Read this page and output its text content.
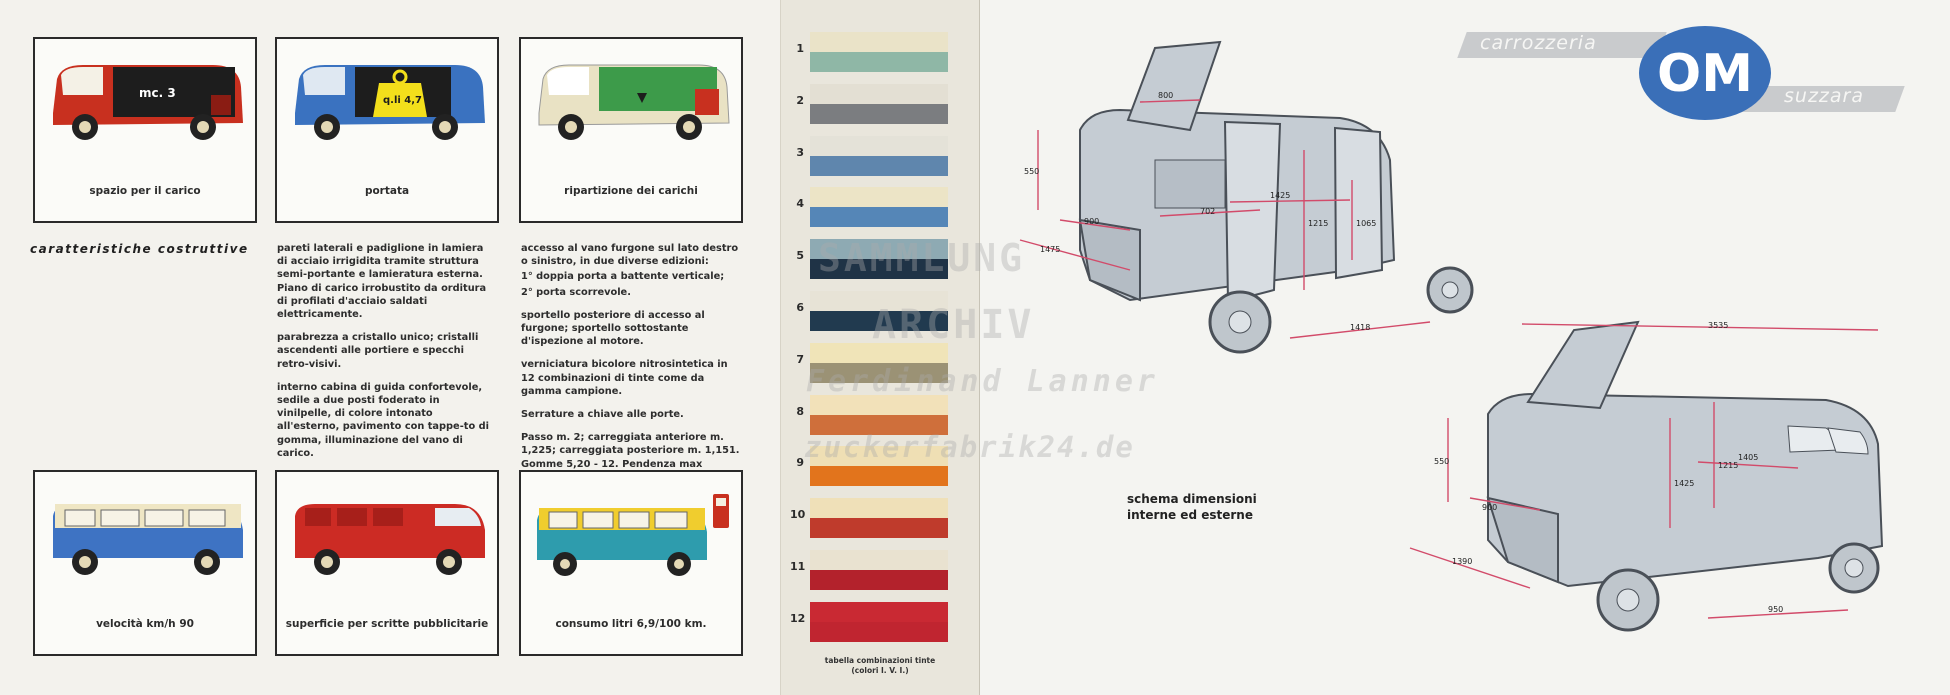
mc. 3
spazio per il carico
q.li 4,7
portata	ripartizione dei carichi
caratteristiche costruttive	pareti laterali e padiglione in lamiera di acciaio irrigidita tramite struttura semi-portante e lamieratura esterna. Piano di carico irrobustito da orditura di profilati d'acciaio saldati elettricamente.

parabrezza a cristallo unico; cristalli ascendenti alle portiere e specchi retro-visivi.

interno cabina di guida confortevole, sedile a due posti foderato in vinilpelle, di colore intonato all'esterno, pavimento con tappe-to di gomma, illuminazione del vano di carico.

accesso al vano furgone sul lato destro o sinistro, in due diverse edizioni:

1° doppia porta a battente verticale;

2° porta scorrevole.

sportello posteriore di accesso al furgone; sportello sottostante d'ispezione al motore.

verniciatura bicolore nitrosintetica in 12 combinazioni di tinte come da gamma campione.

Serrature a chiave alle porte.

Passo m. 2; carreggiata anteriore m. 1,225; carreggiata posteriore m. 1,151. Gomme 5,20 - 12. Pendenza max

velocità km/h 90	superficie per scritte pubblicitarie	consumo litri 6,9/100 km.
1
2
3
4
5
6
7
8
9
10
11
12
tabella combinazioni tinte
(colori I. V. I.)
carrozzeria
suzzara
OM
800
550
900
702
1425
1215	1065
1475
1418	3535
550
900
1405
1215
1425
1390
950
schema dimensioni
interne ed esterne
SAMMLUNG
ARCHIV
Ferdinand Lanner
zuckerfabrik24.de
